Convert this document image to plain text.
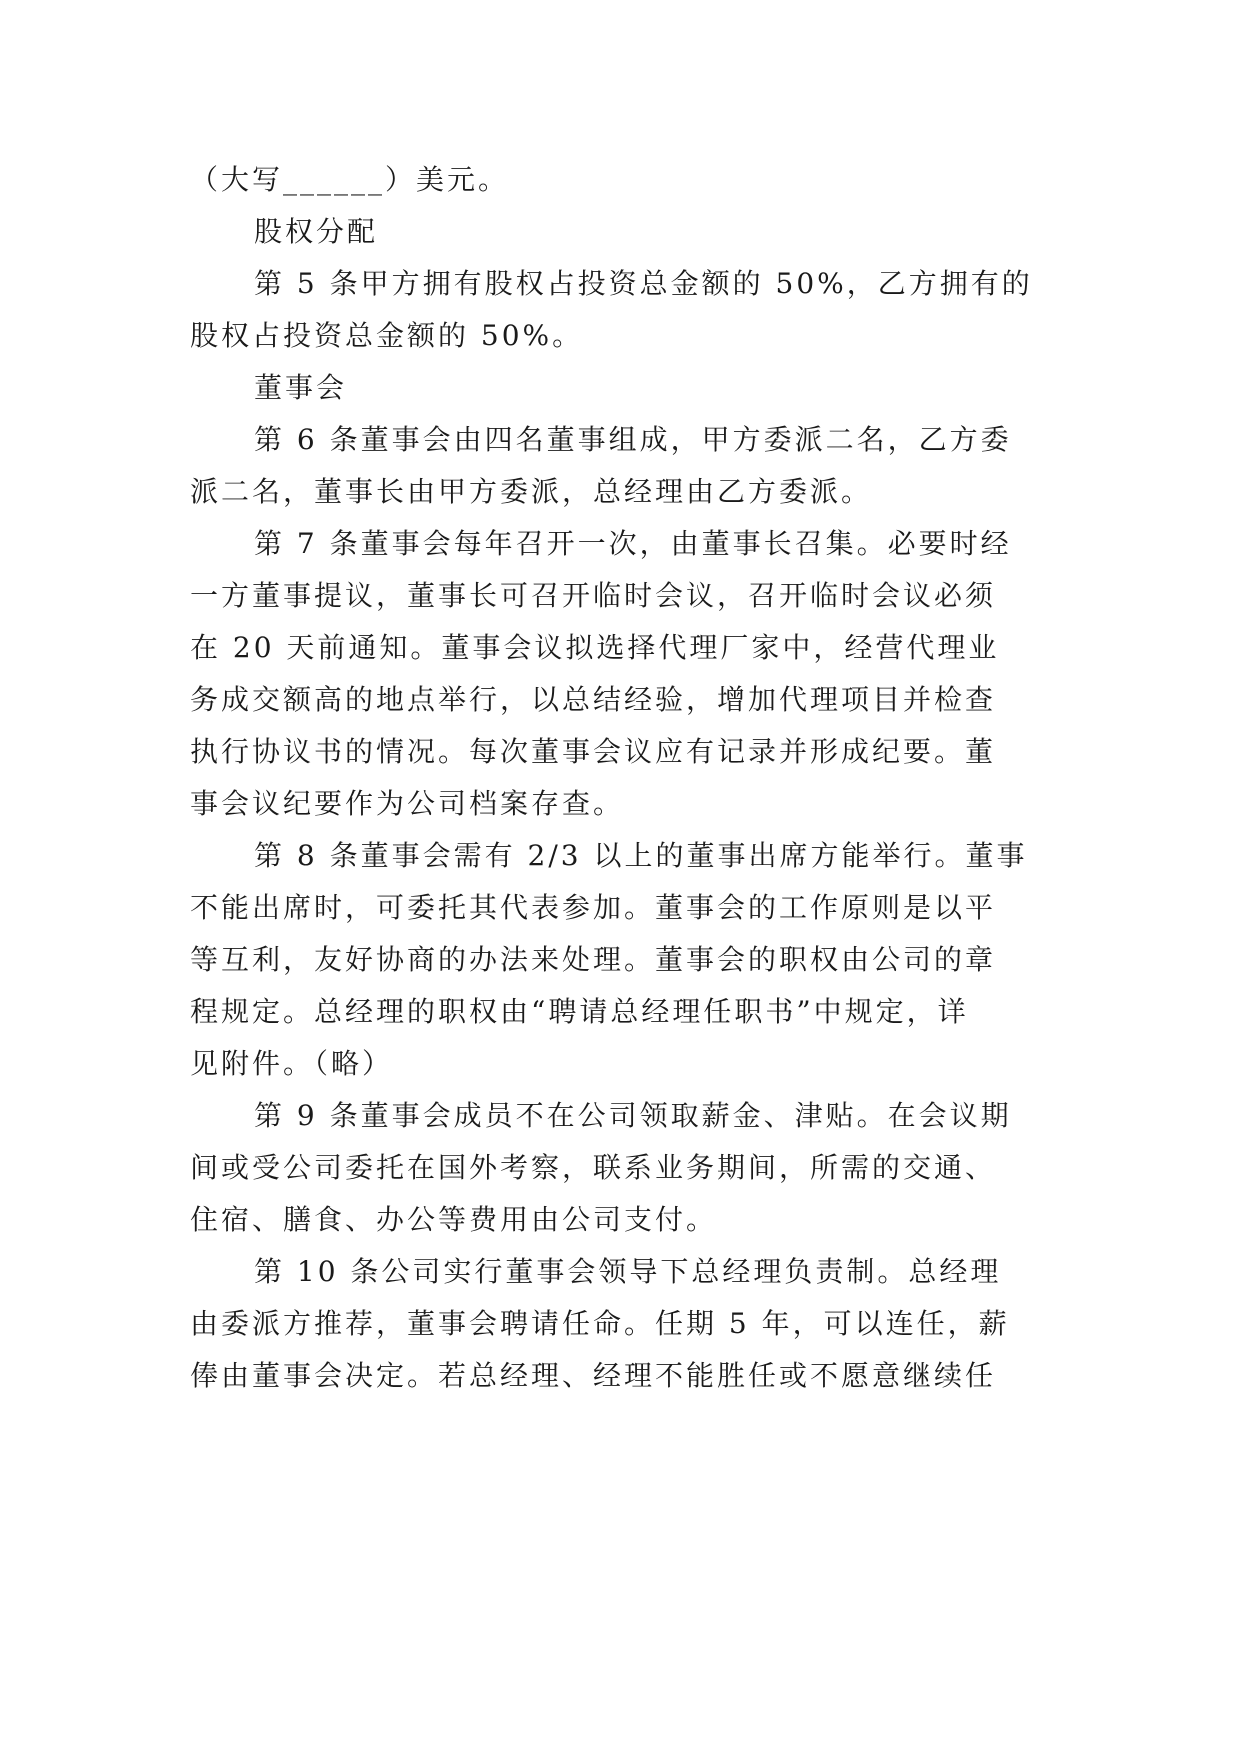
（大写______）美元。
股权分配
第 5 条甲方拥有股权占投资总金额的 50%，乙方拥有的
股权占投资总金额的 50%。
董事会
第 6 条董事会由四名董事组成，甲方委派二名，乙方委
派二名，董事长由甲方委派，总经理由乙方委派。
第 7 条董事会每年召开一次，由董事长召集。必要时经
一方董事提议，董事长可召开临时会议，召开临时会议必须
在 20 天前通知。董事会议拟选择代理厂家中，经营代理业
务成交额高的地点举行，以总结经验，增加代理项目并检查
执行协议书的情况。每次董事会议应有记录并形成纪要。董
事会议纪要作为公司档案存查。
第 8 条董事会需有 2/3 以上的董事出席方能举行。董事
不能出席时，可委托其代表参加。董事会的工作原则是以平
等互利，友好协商的办法来处理。董事会的职权由公司的章
程规定。总经理的职权由“聘请总经理任职书”中规定，详
见附件。（略）
第 9 条董事会成员不在公司领取薪金、津贴。在会议期
间或受公司委托在国外考察，联系业务期间，所需的交通、
住宿、膳食、办公等费用由公司支付。
第 10 条公司实行董事会领导下总经理负责制。总经理
由委派方推荐，董事会聘请任命。任期 5 年，可以连任，薪
俸由董事会决定。若总经理、经理不能胜任或不愿意继续任
